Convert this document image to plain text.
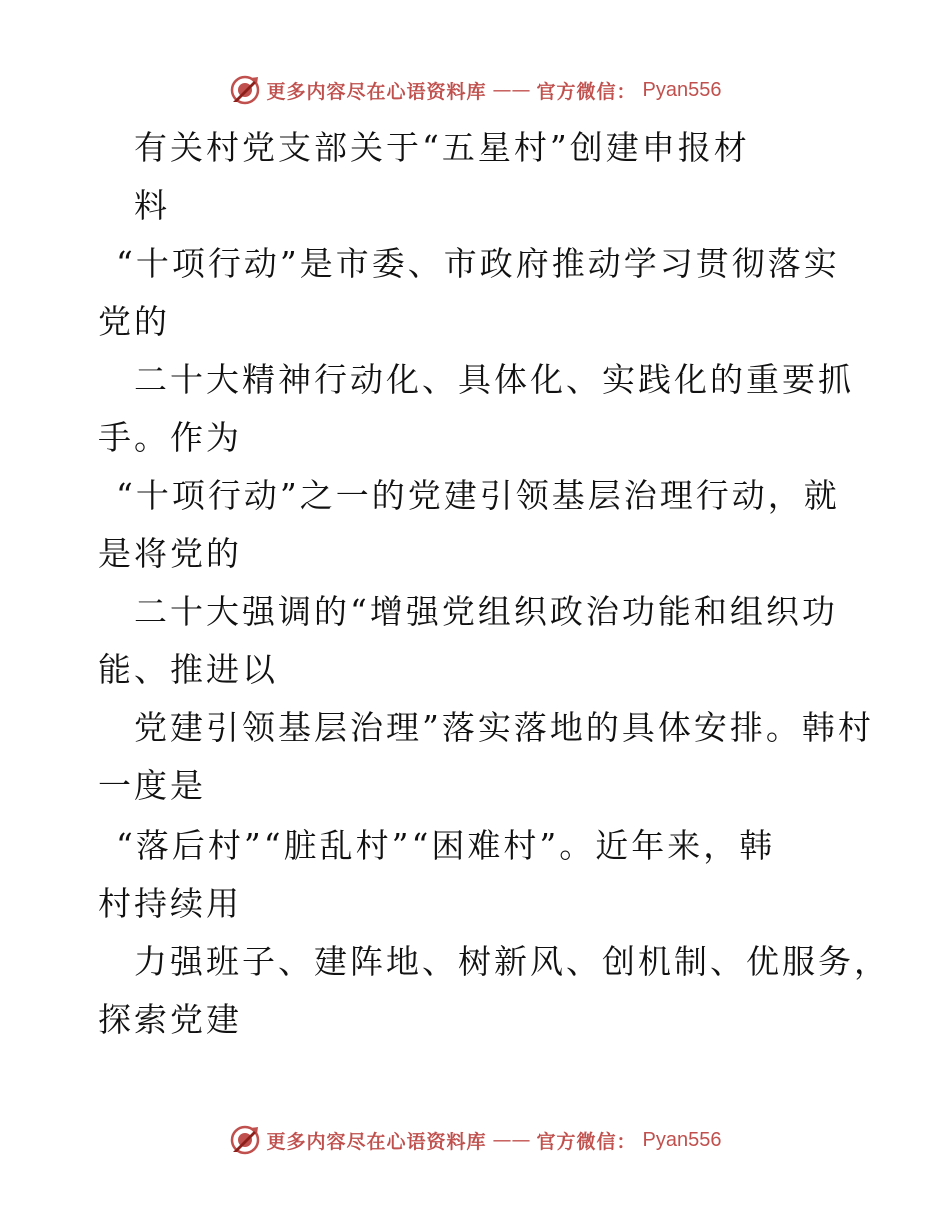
更多内容尽在心语资料库 —— 官方微信： Pyan556
有关村党支部关于“五星村”创建申报材
料
“十项行动”是市委、市政府推动学习贯彻落实
党的
二十大精神行动化、具体化、实践化的重要抓
手。作为
“十项行动”之一的党建引领基层治理行动，就
是将党的
二十大强调的“增强党组织政治功能和组织功
能、推进以
党建引领基层治理”落实落地的具体安排。韩村
一度是
“落后村”“脏乱村”“困难村”。近年来，韩
村持续用
力强班子、建阵地、树新风、创机制、优服务，
探索党建
更多内容尽在心语资料库 —— 官方微信： Pyan556
